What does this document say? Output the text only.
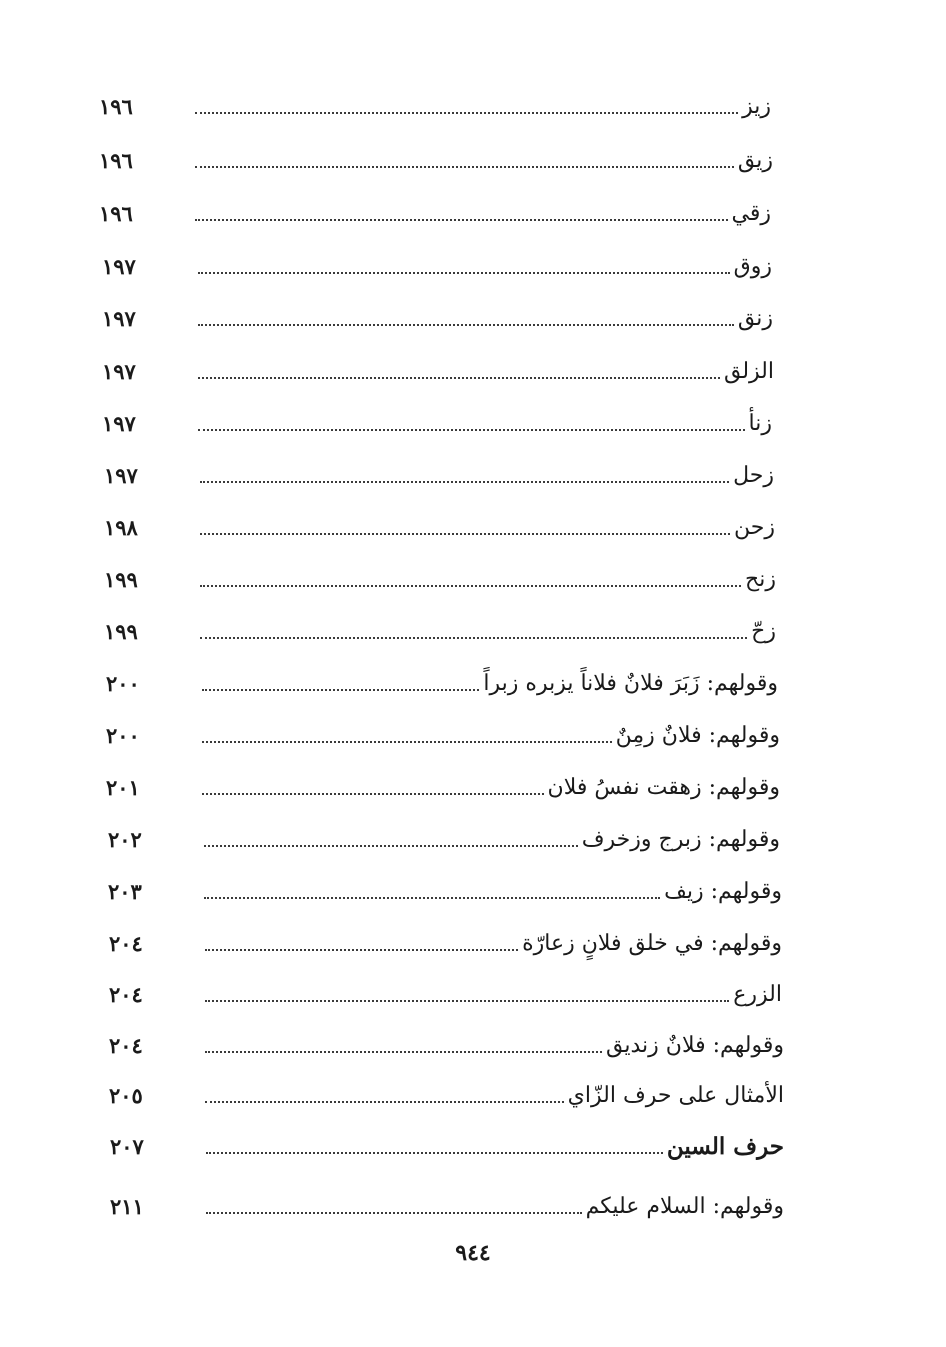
زيز
١٩٦
زيق
١٩٦
زقي
١٩٦
زوق
١٩٧
زنق
١٩٧
الزلق
١٩٧
زنأ
١٩٧
زحل
١٩٧
زحن
١٩٨
زنح
١٩٩
زحّ
١٩٩
وقولهم: زَبَرَ فلانٌ فلاناً يزبره زبراً
٢٠٠
وقولهم: فلانٌ زمِنٌ
٢٠٠
وقولهم: زهقت نفسُ فلان
٢٠١
وقولهم: زبرج وزخرف
٢٠٢
وقولهم: زيف
٢٠٣
وقولهم: في خلق فلانٍ زعارّة
٢٠٤
الزرع
٢٠٤
وقولهم: فلانٌ زنديق
٢٠٤
الأمثال على حرف الزّاي
٢٠٥
حرف السين
٢٠٧
وقولهم: السلام عليكم
٢١١
٩٤٤
